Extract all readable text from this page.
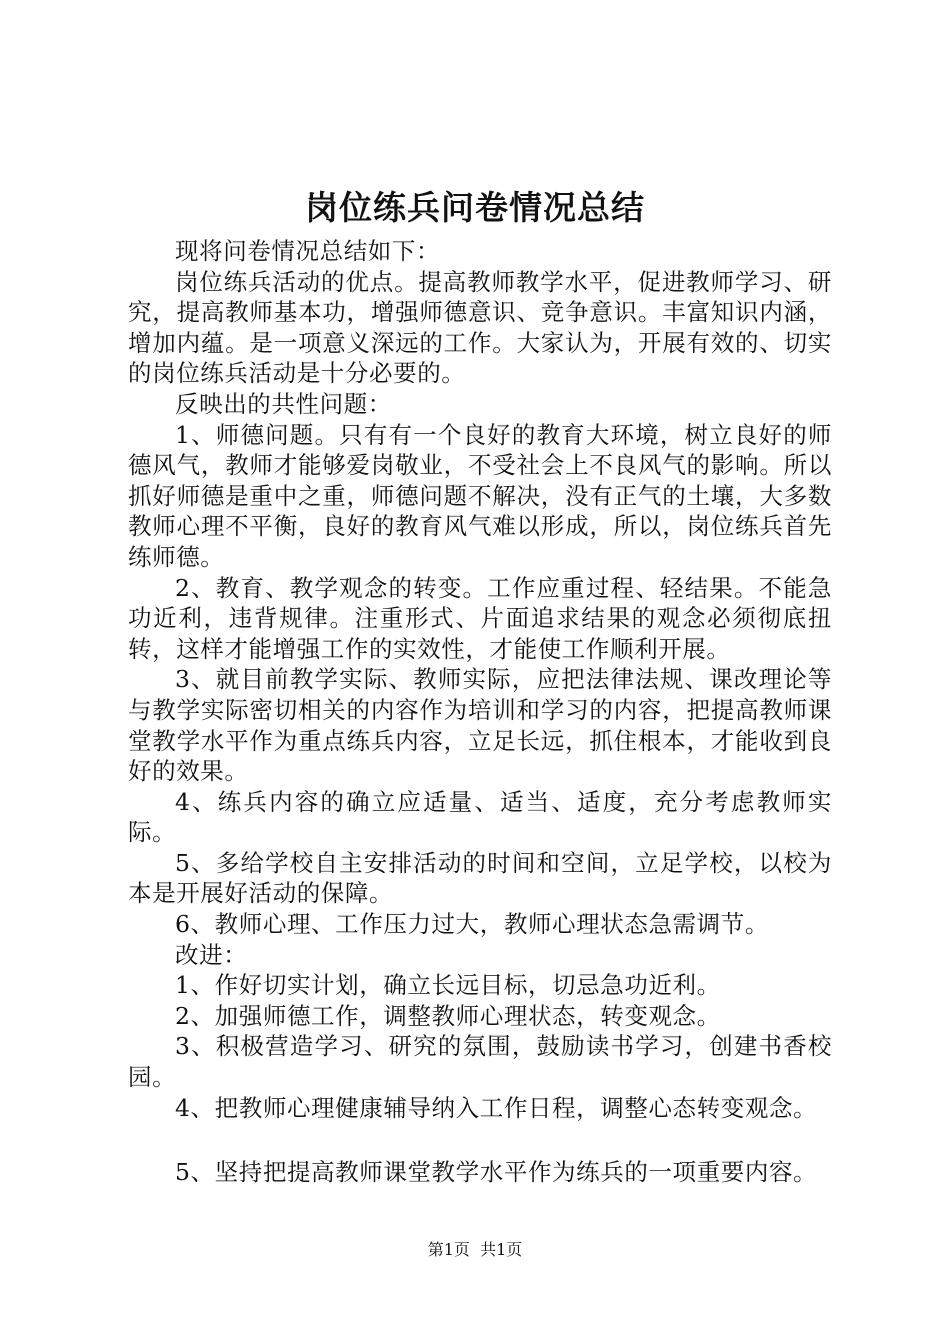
岗位练兵问卷情况总结

现将问卷情况总结如下：

岗位练兵活动的优点。提高教师教学水平，促进教师学习、研究，提高教师基本功，增强师德意识、竞争意识。丰富知识内涵，增加内蕴。是一项意义深远的工作。大家认为，开展有效的、切实的岗位练兵活动是十分必要的。

反映出的共性问题：

1、师德问题。只有有一个良好的教育大环境，树立良好的师德风气，教师才能够爱岗敬业，不受社会上不良风气的影响。所以抓好师德是重中之重，师德问题不解决，没有正气的土壤，大多数教师心理不平衡，良好的教育风气难以形成，所以，岗位练兵首先练师德。

2、教育、教学观念的转变。工作应重过程、轻结果。不能急功近利，违背规律。注重形式、片面追求结果的观念必须彻底扭转，这样才能增强工作的实效性，才能使工作顺利开展。

3、就目前教学实际、教师实际，应把法律法规、课改理论等与教学实际密切相关的内容作为培训和学习的内容，把提高教师课堂教学水平作为重点练兵内容，立足长远，抓住根本，才能收到良好的效果。

4、练兵内容的确立应适量、适当、适度，充分考虑教师实际。

5、多给学校自主安排活动的时间和空间，立足学校，以校为本是开展好活动的保障。

6、教师心理、工作压力过大，教师心理状态急需调节。

改进：

1、作好切实计划，确立长远目标，切忌急功近利。

2、加强师德工作，调整教师心理状态，转变观念。

3、积极营造学习、研究的氛围，鼓励读书学习，创建书香校园。

4、把教师心理健康辅导纳入工作日程，调整心态转变观念。

5、坚持把提高教师课堂教学水平作为练兵的一项重要内容。

第1页  共1页
